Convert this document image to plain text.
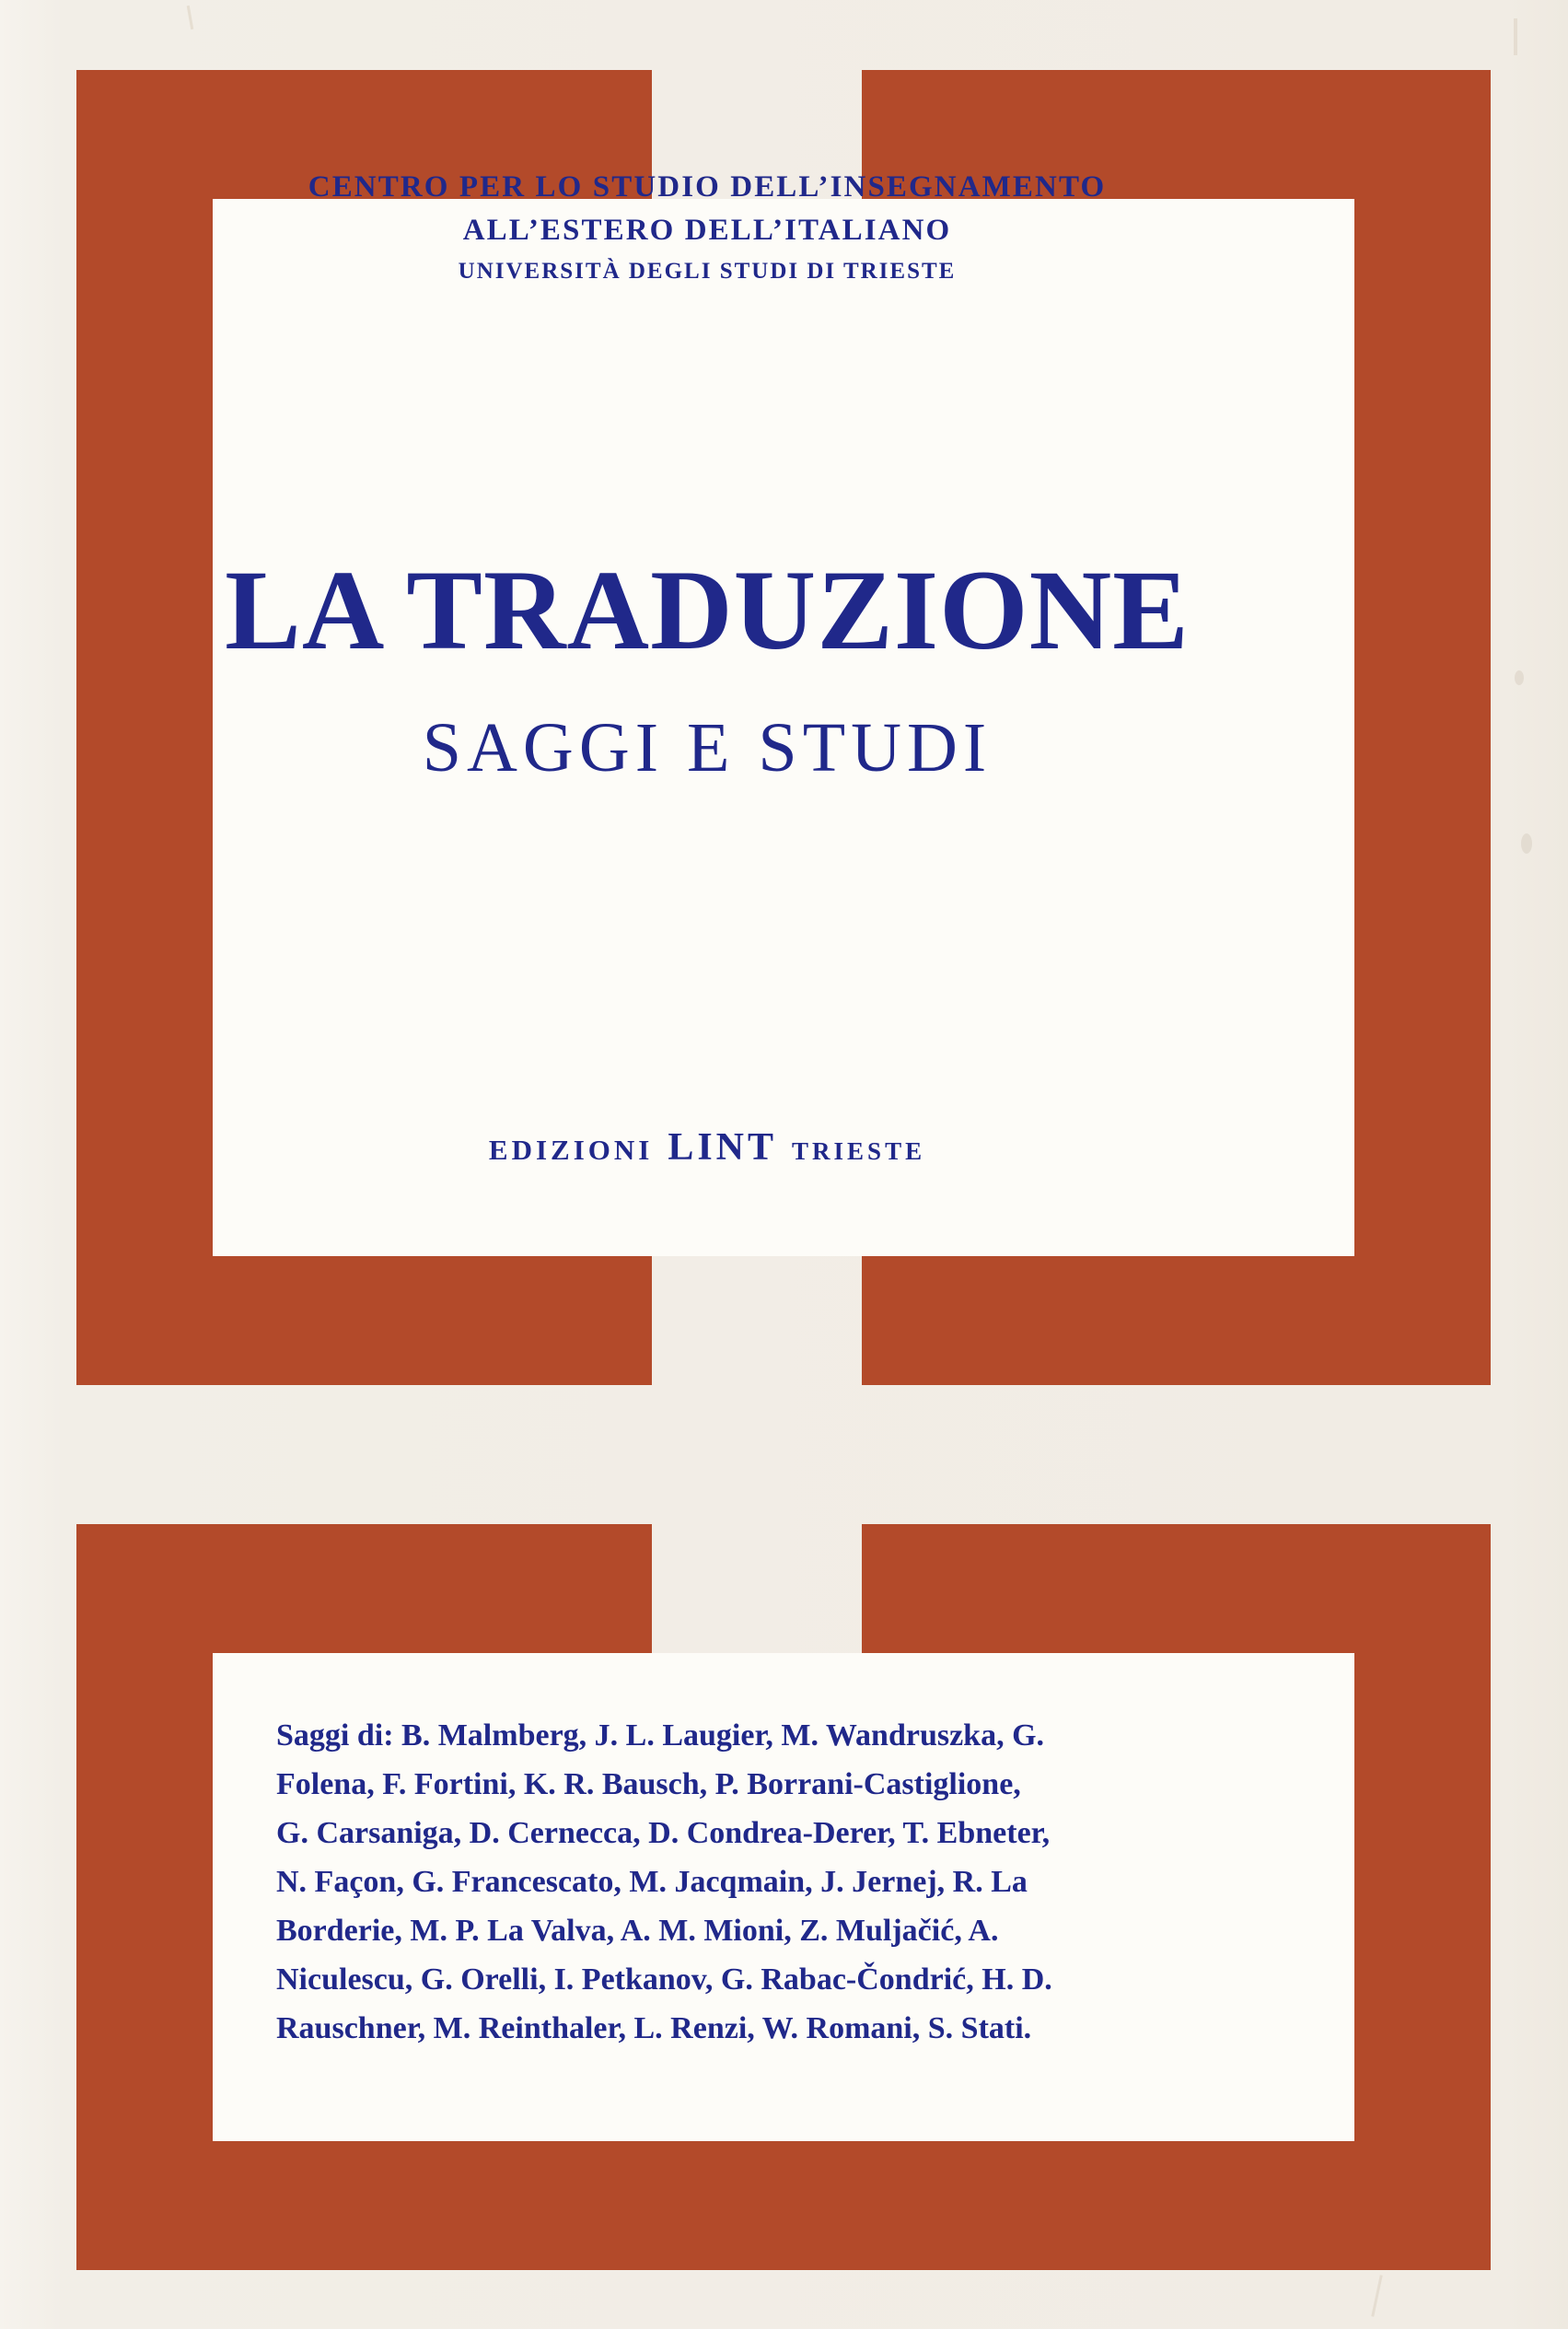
CENTRO PER LO STUDIO DELL’INSEGNAMENTO
ALL’ESTERO DELL’ITALIANO
UNIVERSITÀ DEGLI STUDI DI TRIESTE
LA TRADUZIONE
SAGGI E STUDI
EDIZIONI LINT TRIESTE
Saggi di: B. Malmberg, J. L. Laugier, M. Wandruszka, G.
Folena, F. Fortini, K. R. Bausch, P. Borrani-Castiglione,
G. Carsaniga, D. Cernecca, D. Condrea-Derer, T. Ebneter,
N. Façon, G. Francescato, M. Jacqmain, J. Jernej, R. La
Borderie, M. P. La Valva, A. M. Mioni, Z. Muljačić, A.
Niculescu, G. Orelli, I. Petkanov, G. Rabac-Čondrić, H. D.
Rauschner, M. Reinthaler, L. Renzi, W. Romani, S. Stati.
